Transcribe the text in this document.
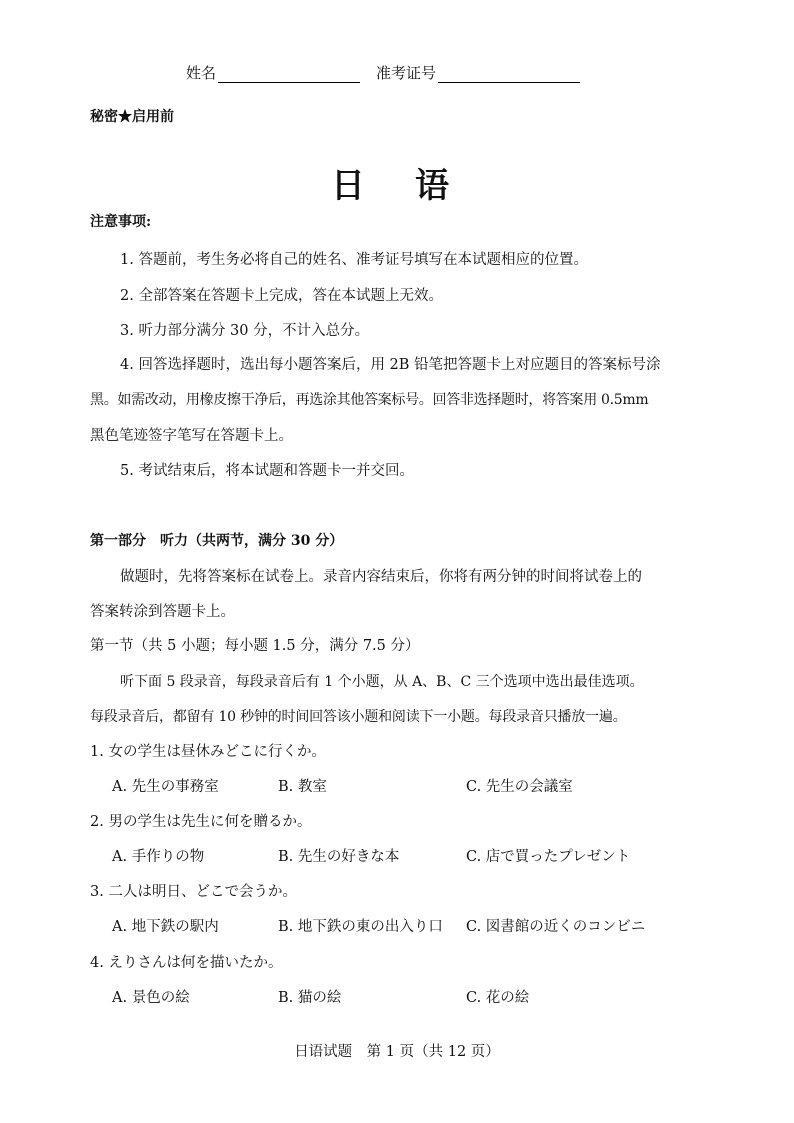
姓名	准考证号
秘密★启用前
日语
注意事项:
1. 答题前，考生务必将自己的姓名、准考证号填写在本试题相应的位置。
2. 全部答案在答题卡上完成，答在本试题上无效。
3. 听力部分满分 30 分，不计入总分。
4. 回答选择题时，选出每小题答案后，用 2B 铅笔把答题卡上对应题目的答案标号涂
黑。如需改动，用橡皮擦干净后，再选涂其他答案标号。回答非选择题时，将答案用 0.5mm
黑色笔迹签字笔写在答题卡上。
5. 考试结束后，将本试题和答题卡一并交回。
第一部分　听力（共两节，满分 30 分）
做题时，先将答案标在试卷上。录音内容结束后，你将有两分钟的时间将试卷上的
答案转涂到答题卡上。
第一节（共 5 小题；每小题 1.5 分，满分 7.5 分）
听下面 5 段录音，每段录音后有 1 个小题，从 A、B、C 三个选项中选出最佳选项。
每段录音后，都留有 10 秒钟的时间回答该小题和阅读下一小题。每段录音只播放一遍。
1. 女の学生は昼休みどこに行くか。
A. 先生の事務室	B. 教室	C. 先生の会議室
2. 男の学生は先生に何を贈るか。
A. 手作りの物	B. 先生の好きな本	C. 店で買ったプレゼント
3. 二人は明日、どこで会うか。
A. 地下鉄の駅内	B. 地下鉄の東の出入り口 C. 図書館の近くのコンビニ
4. えりさんは何を描いたか。
A. 景色の絵	B. 猫の絵	C. 花の絵
日语试题　第 1 页（共 12 页）
